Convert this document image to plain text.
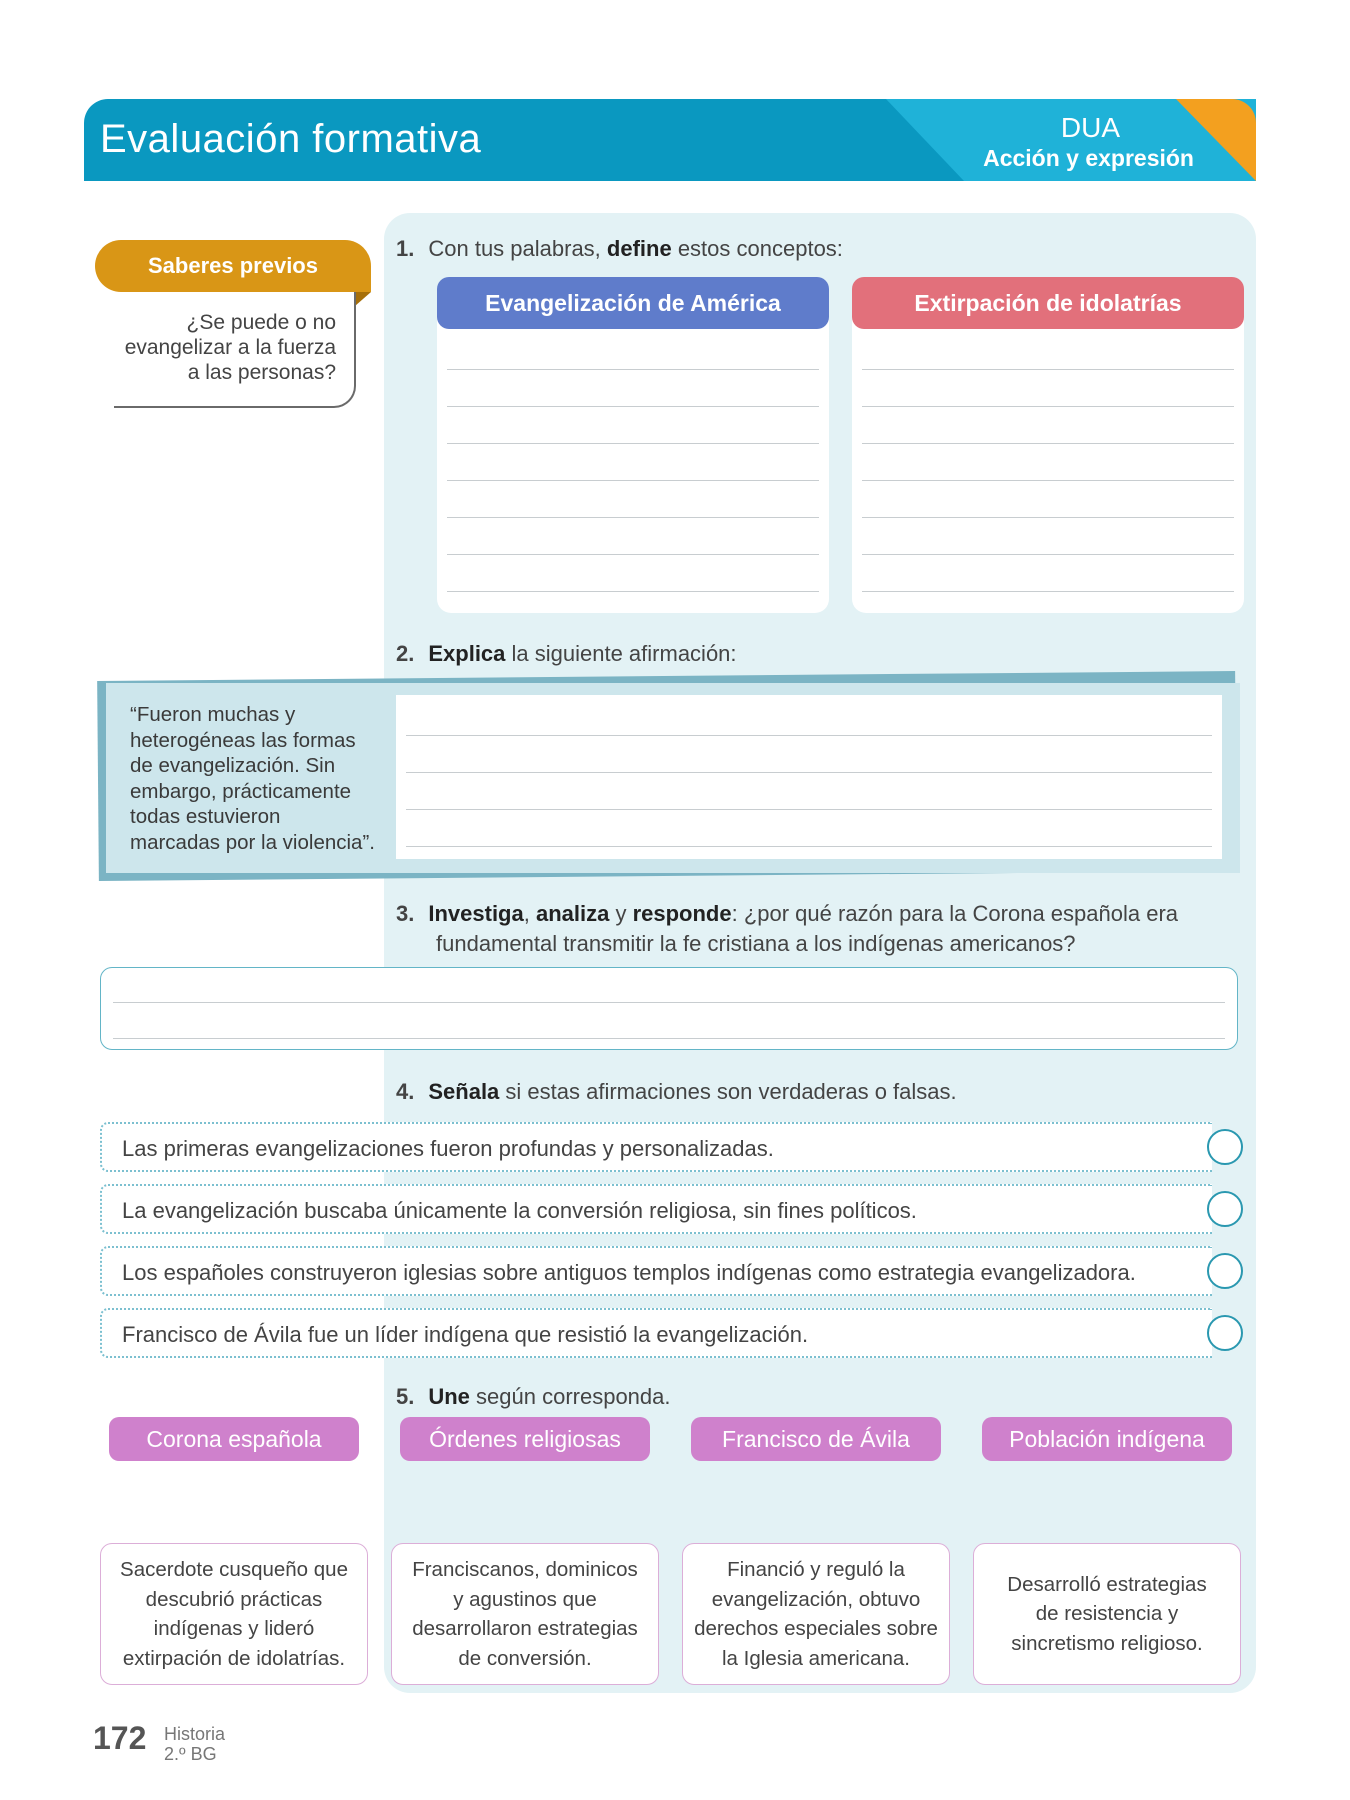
Evaluación formativa	DUA
Acción y expresión
Saberes previos
¿Se puede o no
evangelizar a la fuerza
a las personas?
1. Con tus palabras, define estos conceptos:
Evangelización de América	Extirpación de idolatrías
2. Explica la siguiente afirmación:
“Fueron muchas y
heterogéneas las formas
de evangelización. Sin
embargo, prácticamente
todas estuvieron
marcadas por la violencia”.
3. Investiga, analiza y responde: ¿por qué razón para la Corona española era
fundamental transmitir la fe cristiana a los indígenas americanos?
4. Señala si estas afirmaciones son verdaderas o falsas.
Las primeras evangelizaciones fueron profundas y personalizadas.
La evangelización buscaba únicamente la conversión religiosa, sin fines políticos.
Los españoles construyeron iglesias sobre antiguos templos indígenas como estrategia evangelizadora.
Francisco de Ávila fue un líder indígena que resistió la evangelización.
5. Une según corresponda.
Corona española	Órdenes religiosas	Francisco de Ávila	Población indígena
Sacerdote cusqueño que
descubrió prácticas
indígenas y lideró
extirpación de idolatrías.
Franciscanos, dominicos
y agustinos que
desarrollaron estrategias
de conversión.
Financió y reguló la
evangelización, obtuvo
derechos especiales sobre
la Iglesia americana.
Desarrolló estrategias
de resistencia y
sincretismo religioso.
172 Historia
2.º BG
